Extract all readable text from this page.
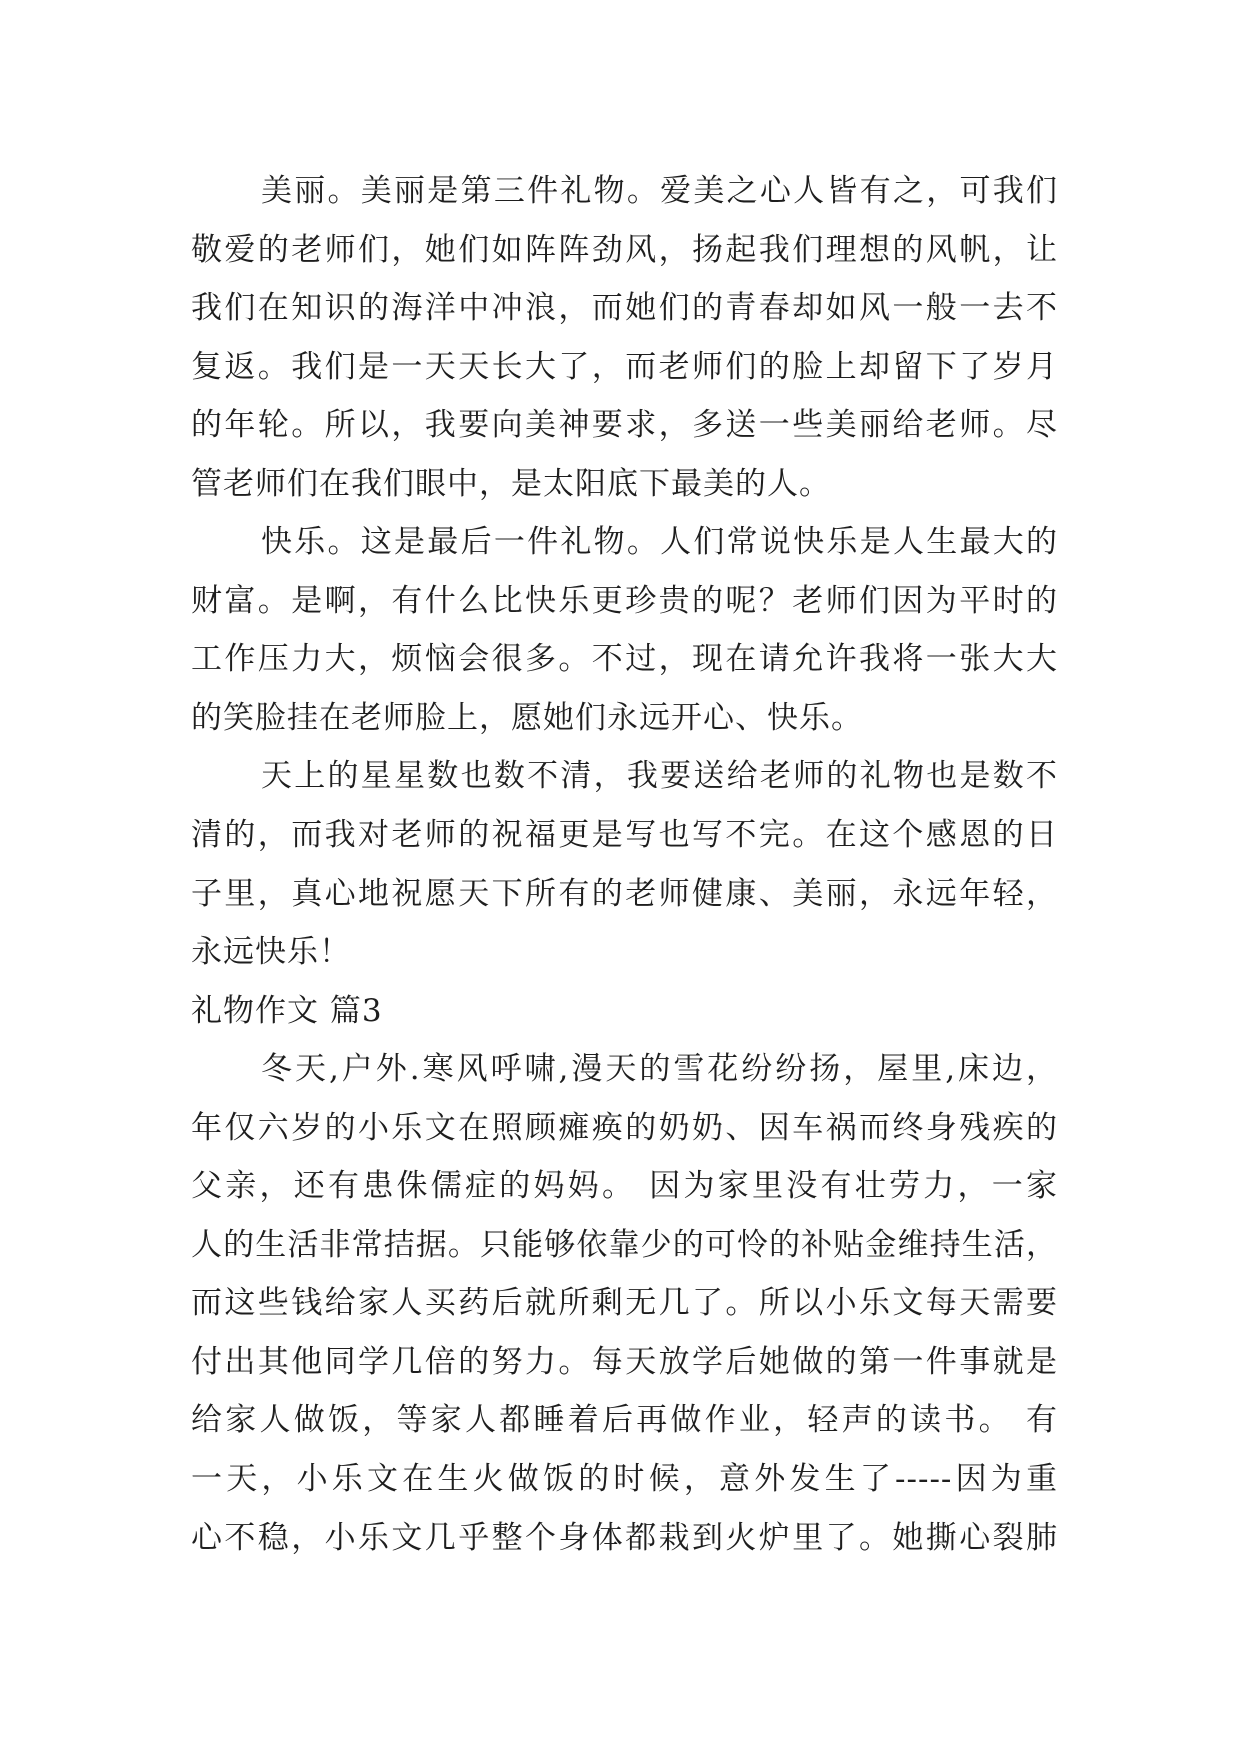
美丽。美丽是第三件礼物。爱美之心人皆有之，可我们
敬爱的老师们，她们如阵阵劲风，扬起我们理想的风帆，让
我们在知识的海洋中冲浪，而她们的青春却如风一般一去不
复返。我们是一天天长大了，而老师们的脸上却留下了岁月
的年轮。所以，我要向美神要求，多送一些美丽给老师。尽
管老师们在我们眼中，是太阳底下最美的人。
快乐。这是最后一件礼物。人们常说快乐是人生最大的
财富。是啊，有什么比快乐更珍贵的呢？老师们因为平时的
工作压力大，烦恼会很多。不过，现在请允许我将一张大大
的笑脸挂在老师脸上，愿她们永远开心、快乐。
天上的星星数也数不清，我要送给老师的礼物也是数不
清的，而我对老师的祝福更是写也写不完。在这个感恩的日
子里，真心地祝愿天下所有的老师健康、美丽，永远年轻，
永远快乐！
礼物作文 篇3
冬天,户外.寒风呼啸,漫天的雪花纷纷扬，屋里,床边，
年仅六岁的小乐文在照顾瘫痪的奶奶、因车祸而终身残疾的
父亲，还有患侏儒症的妈妈。 因为家里没有壮劳力，一家
人的生活非常拮据。只能够依靠少的可怜的补贴金维持生活，
而这些钱给家人买药后就所剩无几了。所以小乐文每天需要
付出其他同学几倍的努力。每天放学后她做的第一件事就是
给家人做饭，等家人都睡着后再做作业，轻声的读书。 有
一天，小乐文在生火做饭的时候，意外发生了-----因为重
心不稳，小乐文几乎整个身体都栽到火炉里了。她撕心裂肺
